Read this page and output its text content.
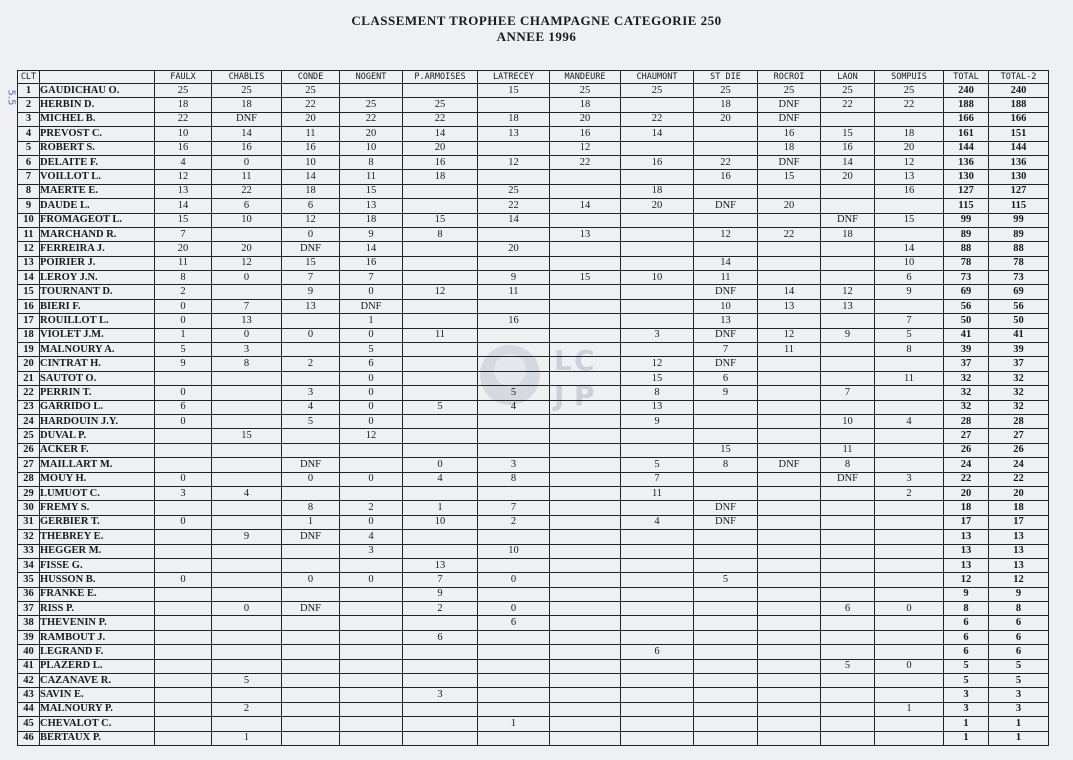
CLASSEMENT TROPHEE CHAMPAGNE CATEGORIE 250
ANNEE 1996
5.5
L C
J P
CLT		FAULX	CHABLIS	CONDE	NOGENT	P.ARMOISES	LATRECEY	MANDEURE	CHAUMONT	ST DIE	ROCROI	LAON	SOMPUIS	TOTAL	TOTAL-2
1	GAUDICHAU O.	25	25	25			15	25	25	25	25	25	25	240	240
2	HERBIN D.	18	18	22	25	25		18		18	DNF	22	22	188	188
3	MICHEL B.	22	DNF	20	22	22	18	20	22	20	DNF			166	166
4	PREVOST C.	10	14	11	20	14	13	16	14		16	15	18	161	151
5	ROBERT S.	16	16	16	10	20		12			18	16	20	144	144
6	DELAITE F.	4	0	10	8	16	12	22	16	22	DNF	14	12	136	136
7	VOILLOT L.	12	11	14	11	18				16	15	20	13	130	130
8	MAERTE E.	13	22	18	15		25		18				16	127	127
9	DAUDE L.	14	6	6	13		22	14	20	DNF	20			115	115
10	FROMAGEOT L.	15	10	12	18	15	14					DNF	15	99	99
11	MARCHAND R.	7		0	9	8		13		12	22	18		89	89
12	FERREIRA J.	20	20	DNF	14		20						14	88	88
13	POIRIER J.	11	12	15	16					14			10	78	78
14	LEROY J.N.	8	0	7	7		9	15	10	11			6	73	73
15	TOURNANT D.	2		9	0	12	11			DNF	14	12	9	69	69
16	BIERI F.	0	7	13	DNF					10	13	13		56	56
17	ROUILLOT L.	0	13		1		16			13			7	50	50
18	VIOLET J.M.	1	0	0	0	11			3	DNF	12	9	5	41	41
19	MALNOURY A.	5	3		5					7	11		8	39	39
20	CINTRAT H.	9	8	2	6				12	DNF				37	37
21	SAUTOT O.				0				15	6			11	32	32
22	PERRIN T.	0		3	0		5		8	9		7		32	32
23	GARRIDO L.	6		4	0	5	4		13					32	32
24	HARDOUIN J.Y.	0		5	0				9			10	4	28	28
25	DUVAL P.		15		12									27	27
26	ACKER F.									15		11		26	26
27	MAILLART M.			DNF		0	3		5	8	DNF	8		24	24
28	MOUY H.	0		0	0	4	8		7			DNF	3	22	22
29	LUMUOT C.	3	4						11				2	20	20
30	FREMY S.			8	2	1	7			DNF				18	18
31	GERBIER T.	0		1	0	10	2		4	DNF				17	17
32	THEBREY E.		9	DNF	4									13	13
33	HEGGER M.				3		10							13	13
34	FISSE G.					13								13	13
35	HUSSON B.	0		0	0	7	0			5				12	12
36	FRANKE E.					9								9	9
37	RISS P.		0	DNF		2	0					6	0	8	8
38	THEVENIN P.						6							6	6
39	RAMBOUT J.					6								6	6
40	LEGRAND F.								6					6	6
41	PLAZERD L.											5	0	5	5
42	CAZANAVE R.		5											5	5
43	SAVIN E.					3								3	3
44	MALNOURY P.		2										1	3	3
45	CHEVALOT C.						1							1	1
46	BERTAUX P.		1											1	1
